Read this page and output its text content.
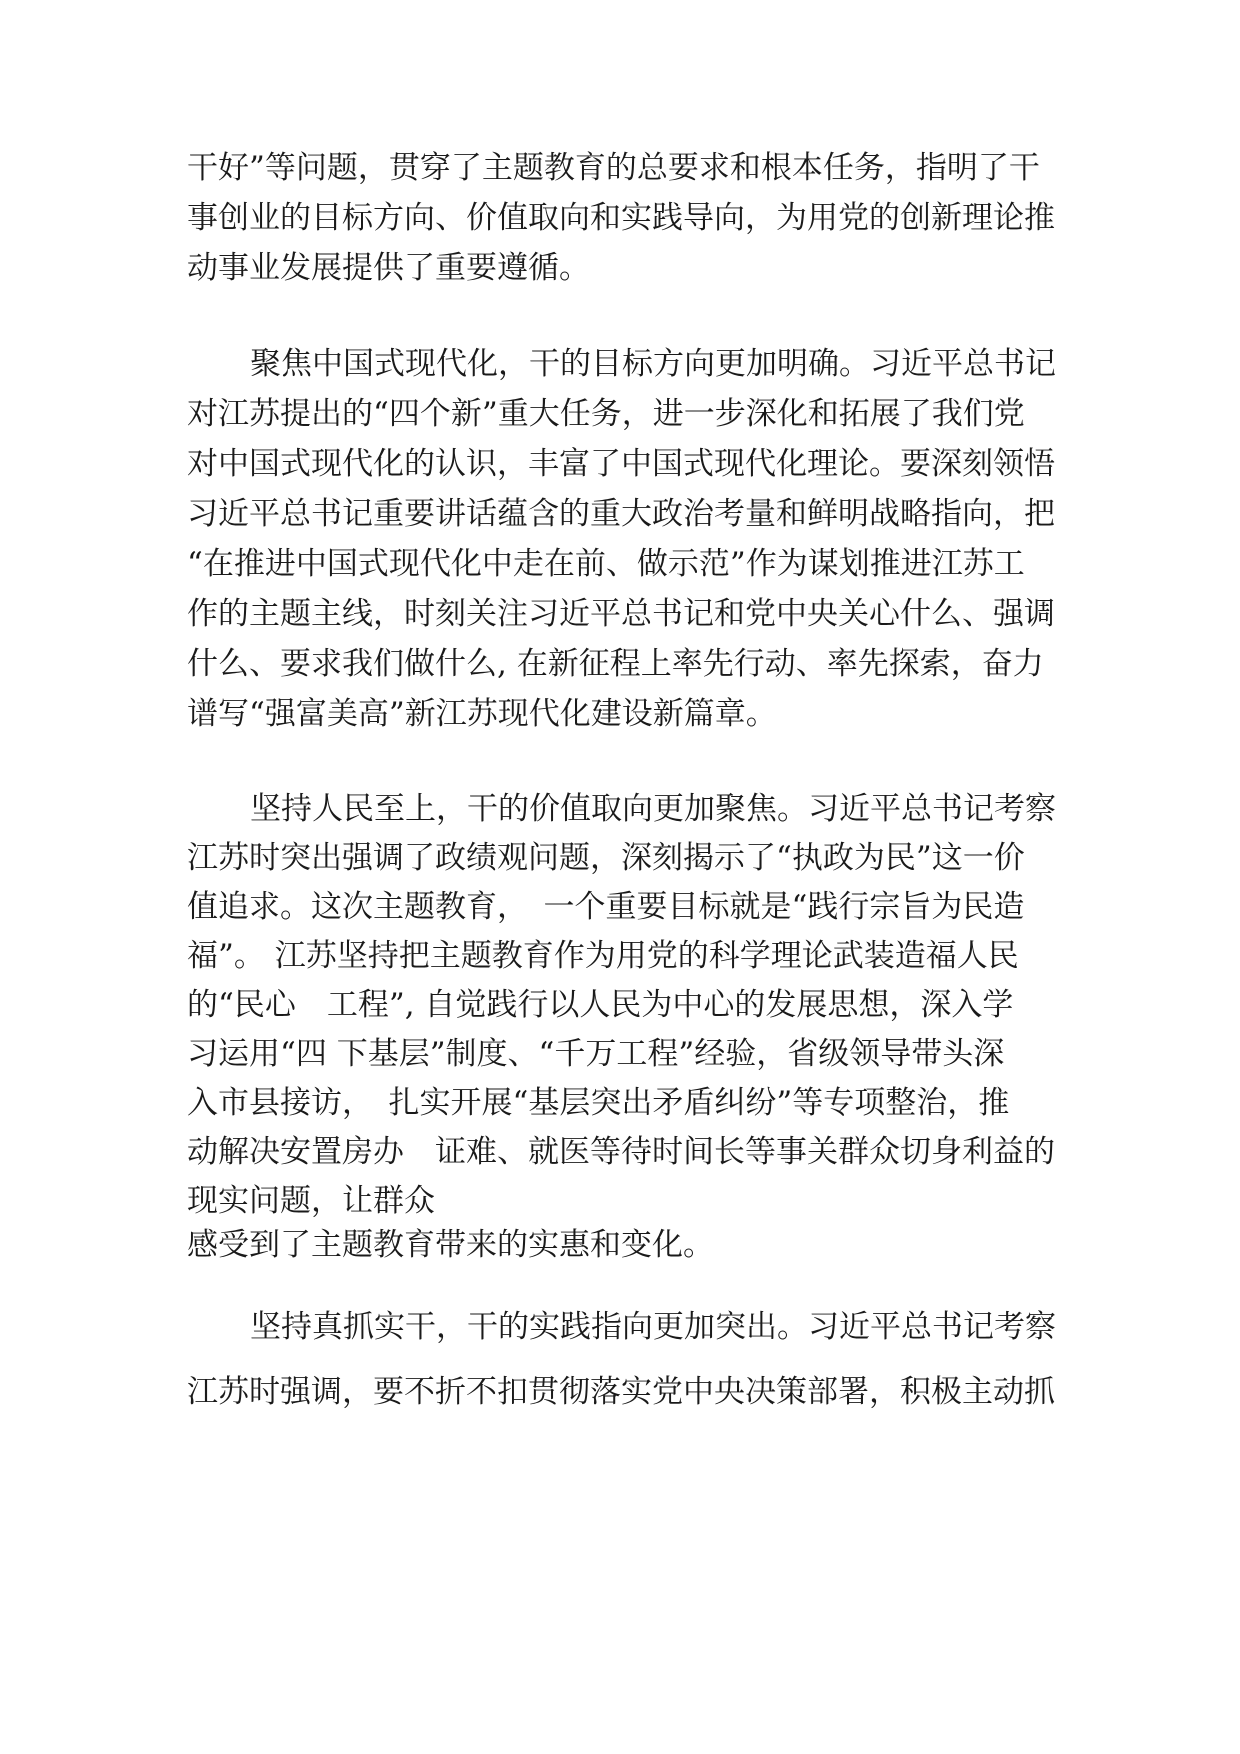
干好”等问题，贯穿了主题教育的总要求和根本任务，指明了干
事创业的目标方向、价值取向和实践导向，为用党的创新理论推
动事业发展提供了重要遵循。
聚焦中国式现代化，干的目标方向更加明确。习近平总书记
对江苏提出的“四个新”重大任务，进一步深化和拓展了我们党
对中国式现代化的认识，丰富了中国式现代化理论。要深刻领悟
习近平总书记重要讲话蕴含的重大政治考量和鲜明战略指向，把
“在推进中国式现代化中走在前、做示范”作为谋划推进江苏工
作的主题主线，时刻关注习近平总书记和党中央关心什么、强调
什么、要求我们做什么, 在新征程上率先行动、率先探索，奋力
谱写“强富美高”新江苏现代化建设新篇章。
坚持人民至上，干的价值取向更加聚焦。习近平总书记考察
江苏时突出强调了政绩观问题，深刻揭示了“执政为民”这一价
值追求。这次主题教育，　一个重要目标就是“践行宗旨为民造
福”。 江苏坚持把主题教育作为用党的科学理论武装造福人民
的“民心　工程”, 自觉践行以人民为中心的发展思想，深入学
习运用“四 下基层”制度、“千万工程”经验，省级领导带头深
入市县接访，　扎实开展“基层突出矛盾纠纷”等专项整治，推
动解决安置房办　证难、就医等待时间长等事关群众切身利益的
现实问题，让群众
感受到了主题教育带来的实惠和变化。
坚持真抓实干，干的实践指向更加突出。习近平总书记考察
江苏时强调，要不折不扣贯彻落实党中央决策部署，积极主动抓
